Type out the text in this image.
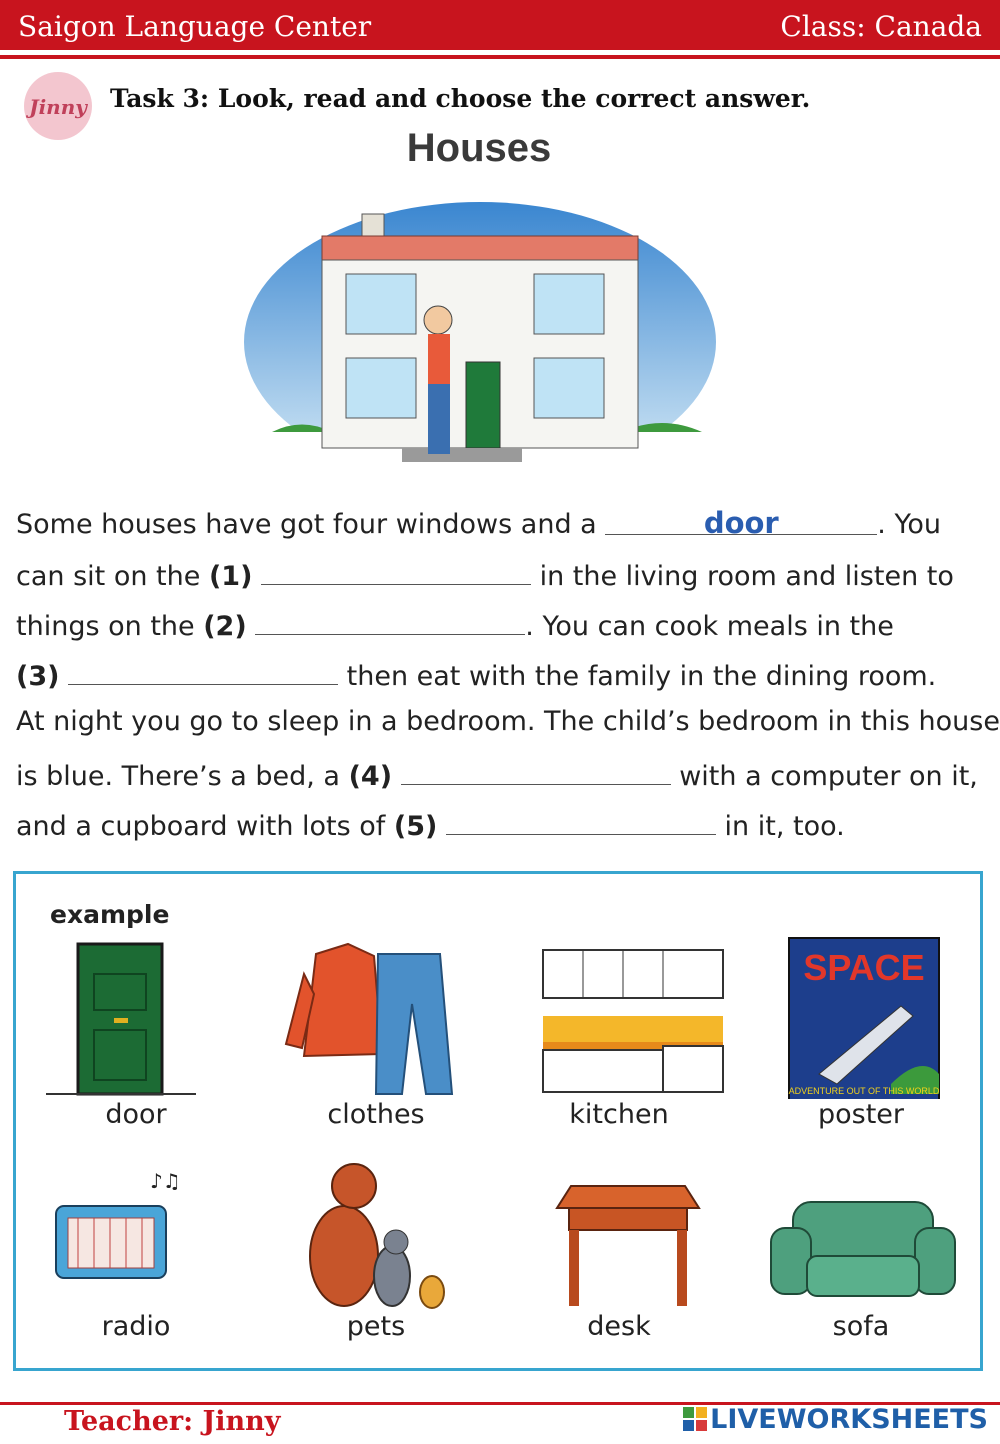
Saigon Language Center	Class: Canada
Jinny Task 3: Look, read and choose the correct answer.
Houses
Some houses have got four windows and a	door	. You
can sit on the (1)	in the living room and listen to
things on the (2)	. You can cook meals in the
(3)	then eat with the family in the dining room.
At night you go to sleep in a bedroom. The child’s bedroom in this house
is blue. There’s a bed, a (4)	with a computer on it,
and a cupboard with lots of (5)	in it, too.
example
door	clothes	kitchen
SPACE
ADVENTURE OUT OF THIS WORLD
poster
♪♫
radio	pets	desk	sofa
Teacher: Jinny	LIVEWORKSHEETS
